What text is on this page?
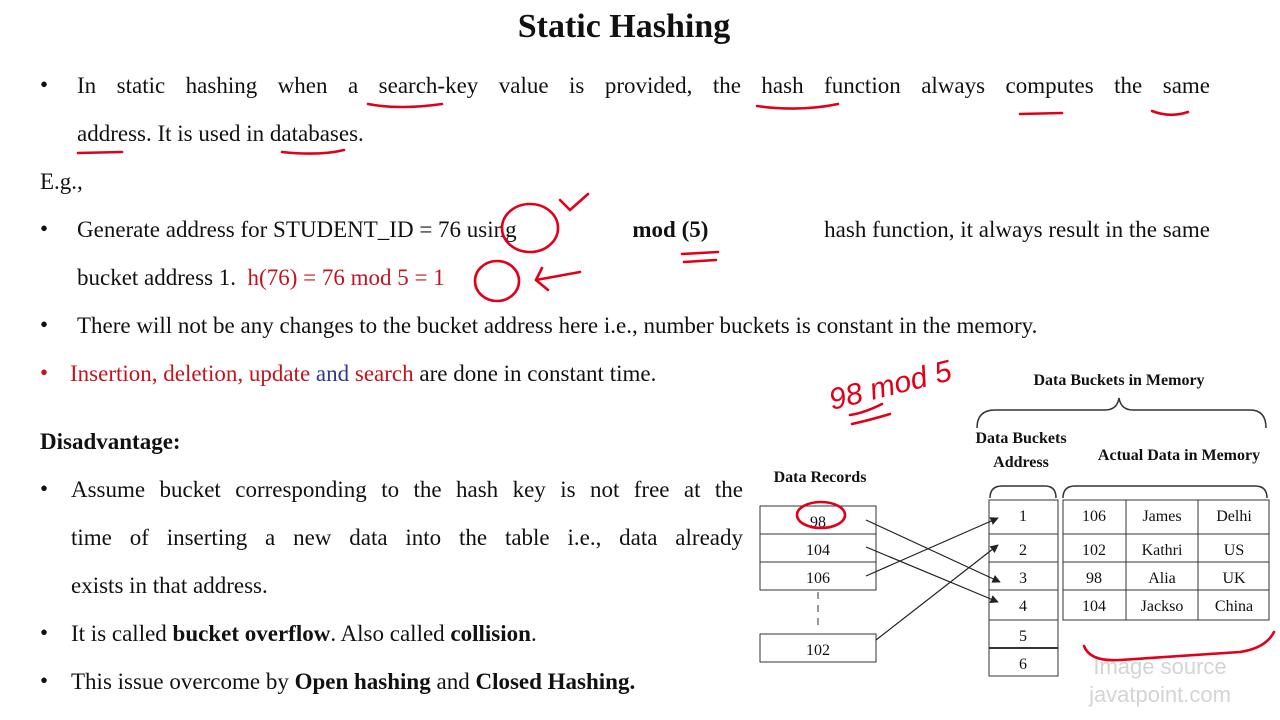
Static Hashing
• In static hashing when a search-key value is provided, the hash function always computes the same
address. It is used in databases.
E.g.,
• Generate address for STUDENT_ID = 76 using	mod (5)	hash function, it always result in the same
bucket address 1. h(76) = 76 mod 5 = 1
• There will not be any changes to the bucket address here i.e., number buckets is constant in the memory.
• Insertion, deletion, update and search are done in constant time.
Disadvantage:
• Assume bucket corresponding to the hash key is not free at the
time of inserting a new data into the table i.e., data already
exists in that address.
• It is called bucket overflow. Also called collision.
• This issue overcome by Open hashing and Closed Hashing.
Data Buckets in Memory
Data Buckets
Address	Actual Data in Memory
Data Records
98
104
106
102
1
2
3
4
5
6
106 James Delhi
102 Kathri	US
98	Alia	UK
104 Jackso China
Image source
javatpoint.com
98 mod 5
